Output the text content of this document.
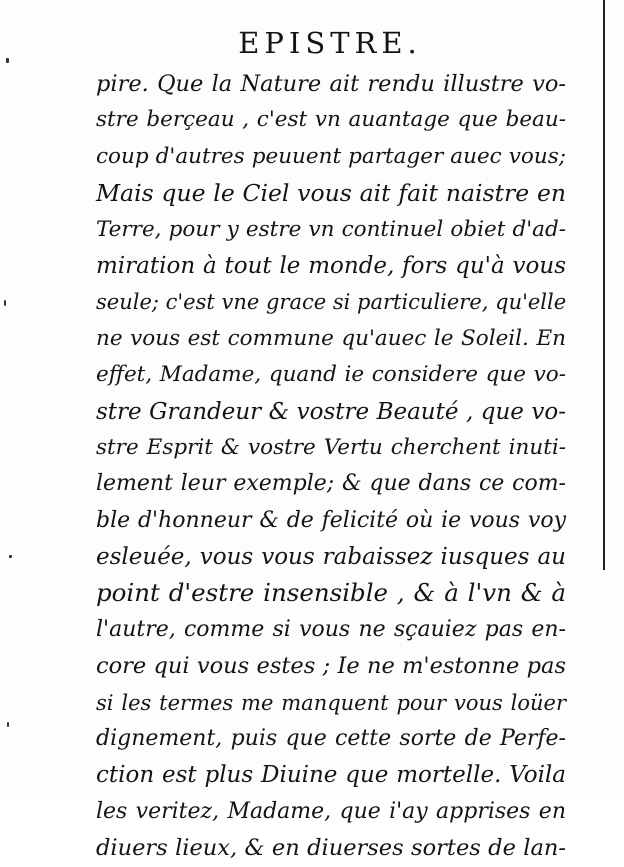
EPISTRE.
pire. Que la Nature ait rendu illustre vo-
stre berçeau , c'est vn auantage que beau-
coup d'autres peuuent partager auec vous;
Mais que le Ciel vous ait fait naistre en
Terre, pour y estre vn continuel obiet d'ad-
miration à tout le monde, fors qu'à vous
seule; c'est vne grace si particuliere, qu'elle
ne vous est commune qu'auec le Soleil. En
effet, Madame, quand ie considere que vo-
stre Grandeur & vostre Beauté , que vo-
stre Esprit & vostre Vertu cherchent inuti-
lement leur exemple; & que dans ce com-
ble d'honneur & de felicité où ie vous voy
esleuée, vous vous rabaissez iusques au
point d'estre insensible , & à l'vn & à
l'autre, comme si vous ne sçauiez pas en-
core qui vous estes ; Ie ne m'estonne pas
si les termes me manquent pour vous loüer
dignement, puis que cette sorte de Perfe-
ction est plus Diuine que mortelle. Voila
les veritez, Madame, que i'ay apprises en
diuers lieux, & en diuerses sortes de lan-
